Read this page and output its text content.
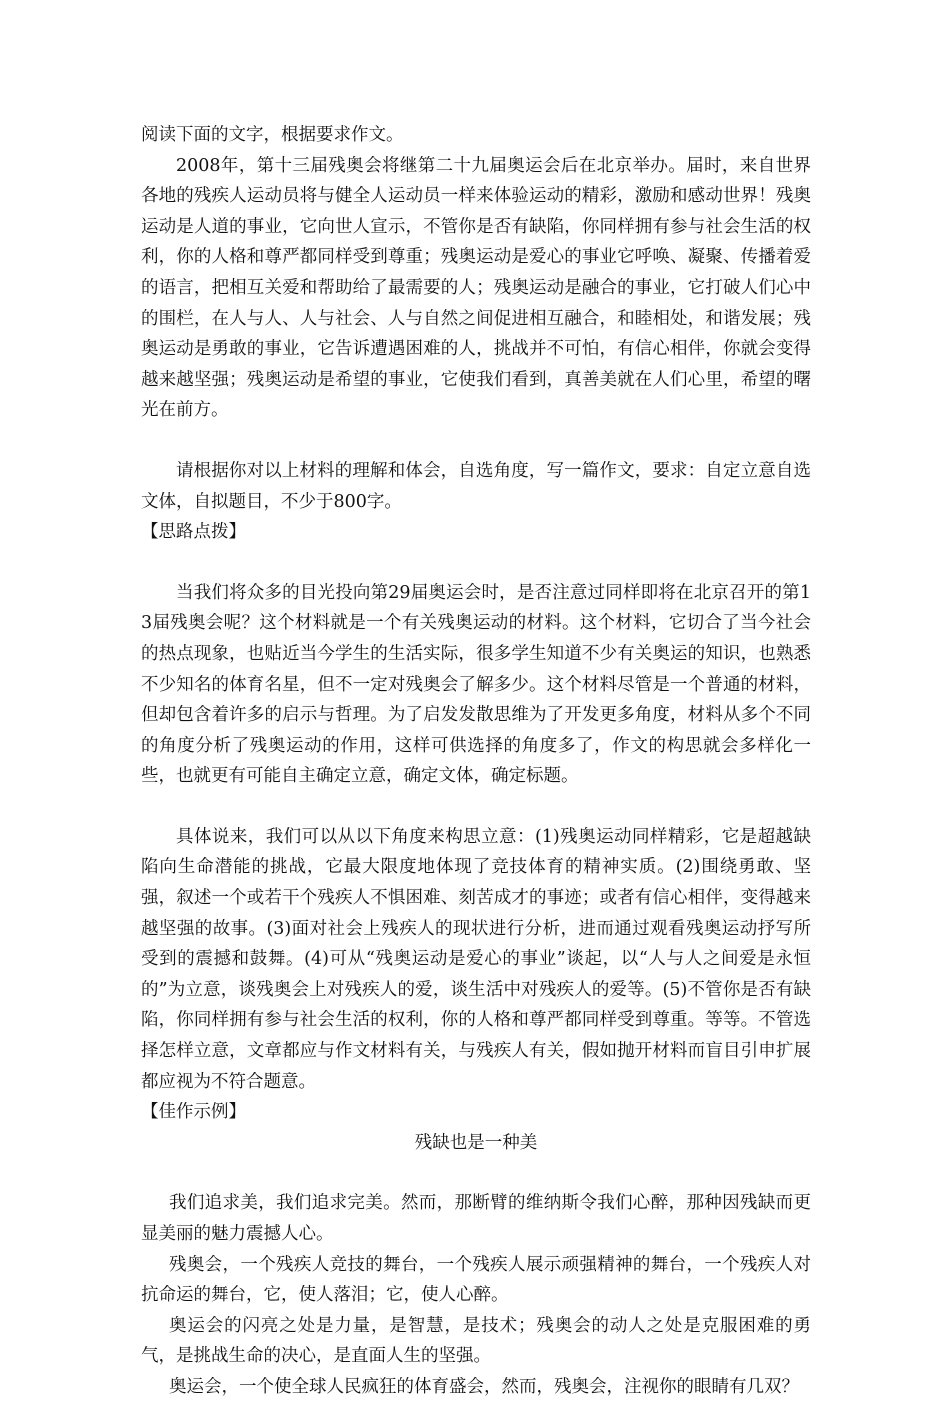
阅读下面的文字，根据要求作文。

2008年，第十三届残奥会将继第二十九届奥运会后在北京举办。届时，来自世界各地的残疾人运动员将与健全人运动员一样来体验运动的精彩，激励和感动世界！残奥运动是人道的事业，它向世人宣示，不管你是否有缺陷，你同样拥有参与社会生活的权利，你的人格和尊严都同样受到尊重；残奥运动是爱心的事业它呼唤、凝聚、传播着爱的语言，把相互关爱和帮助给了最需要的人；残奥运动是融合的事业，它打破人们心中的围栏，在人与人、人与社会、人与自然之间促进相互融合，和睦相处，和谐发展；残奥运动是勇敢的事业，它告诉遭遇困难的人，挑战并不可怕，有信心相伴，你就会变得越来越坚强；残奥运动是希望的事业，它使我们看到，真善美就在人们心里，希望的曙光在前方。

请根据你对以上材料的理解和体会，自选角度，写一篇作文，要求：自定立意自选文体，自拟题目，不少于800字。

【思路点拨】

当我们将众多的目光投向第29届奥运会时，是否注意过同样即将在北京召开的第13届残奥会呢？这个材料就是一个有关残奥运动的材料。这个材料，它切合了当今社会的热点现象，也贴近当今学生的生活实际，很多学生知道不少有关奥运的知识，也熟悉不少知名的体育名星，但不一定对残奥会了解多少。这个材料尽管是一个普通的材料，但却包含着许多的启示与哲理。为了启发发散思维为了开发更多角度，材料从多个不同的角度分析了残奥运动的作用，这样可供选择的角度多了，作文的构思就会多样化一些，也就更有可能自主确定立意，确定文体，确定标题。

具体说来，我们可以从以下角度来构思立意：(1)残奥运动同样精彩，它是超越缺陷向生命潜能的挑战，它最大限度地体现了竞技体育的精神实质。(2)围绕勇敢、坚强，叙述一个或若干个残疾人不惧困难、刻苦成才的事迹；或者有信心相伴，变得越来越坚强的故事。(3)面对社会上残疾人的现状进行分析，进而通过观看残奥运动抒写所受到的震撼和鼓舞。(4)可从“残奥运动是爱心的事业”谈起，以“人与人之间爱是永恒的”为立意，谈残奥会上对残疾人的爱，谈生活中对残疾人的爱等。(5)不管你是否有缺陷，你同样拥有参与社会生活的权利，你的人格和尊严都同样受到尊重。等等。不管选择怎样立意，文章都应与作文材料有关，与残疾人有关，假如抛开材料而盲目引申扩展都应视为不符合题意。

【佳作示例】

残缺也是一种美

我们追求美，我们追求完美。然而，那断臂的维纳斯令我们心醉，那种因残缺而更显美丽的魅力震撼人心。

残奥会，一个残疾人竞技的舞台，一个残疾人展示顽强精神的舞台，一个残疾人对抗命运的舞台，它，使人落泪；它，使人心醉。

奥运会的闪亮之处是力量，是智慧，是技术；残奥会的动人之处是克服困难的勇气，是挑战生命的决心，是直面人生的坚强。

奥运会，一个使全球人民疯狂的体育盛会，然而，残奥会，注视你的眼睛有几双？
